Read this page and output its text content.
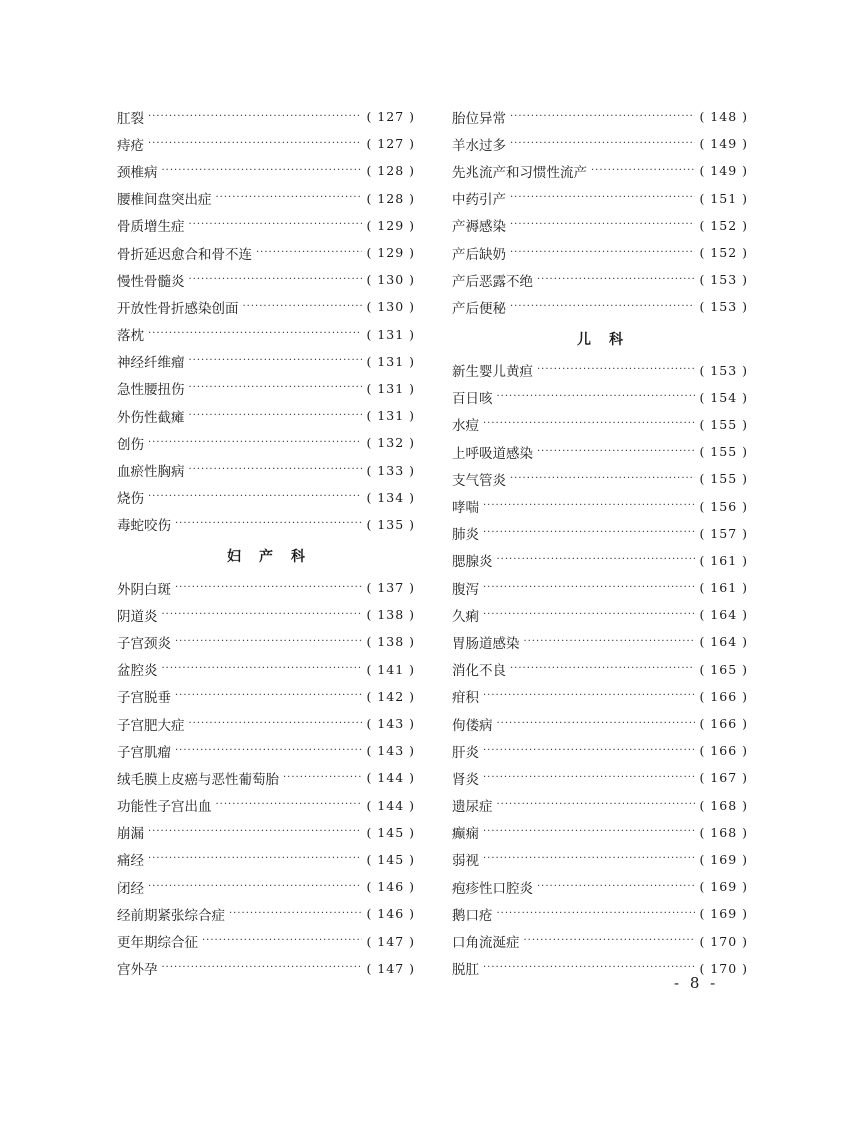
肛裂 ·····	( 127 )
痔疮 ·····	( 127 )
颈椎病 ·····	( 128 )
腰椎间盘突出症 ·····	( 128 )
骨质增生症 ·····	( 129 )
骨折延迟愈合和骨不连 ·····	( 129 )
慢性骨髓炎 ·····	( 130 )
开放性骨折感染创面 ·····	( 130 )
落枕 ·····	( 131 )
神经纤维瘤 ·····	( 131 )
急性腰扭伤 ·····	( 131 )
外伤性截瘫 ·····	( 131 )
创伤 ·····	( 132 )
血瘀性胸病 ·····	( 133 )
烧伤 ·····	( 134 )
毒蛇咬伤 ·····	( 135 )
妇产科
外阴白斑 ·····	( 137 )
阴道炎 ·····	( 138 )
子宫颈炎 ·····	( 138 )
盆腔炎 ·····	( 141 )
子宫脱垂 ·····	( 142 )
子宫肥大症 ·····	( 143 )
子宫肌瘤 ·····	( 143 )
绒毛膜上皮癌与恶性葡萄胎 ·····	( 144 )
功能性子宫出血 ·····	( 144 )
崩漏 ·····	( 145 )
痛经 ·····	( 145 )
闭经 ·····	( 146 )
经前期紧张综合症 ·····	( 146 )
更年期综合征 ·····	( 147 )
宫外孕 ·····	( 147 )
胎位异常 ·····	( 148 )
羊水过多 ·····	( 149 )
先兆流产和习惯性流产 ·····	( 149 )
中药引产 ·····	( 151 )
产褥感染 ·····	( 152 )
产后缺奶 ·····	( 152 )
产后恶露不绝 ·····	( 153 )
产后便秘 ·····	( 153 )
儿科
新生婴儿黄疸 ·····	( 153 )
百日咳 ·····	( 154 )
水痘 ·····	( 155 )
上呼吸道感染 ·····	( 155 )
支气管炎 ·····	( 155 )
哮喘 ·····	( 156 )
肺炎 ·····	( 157 )
腮腺炎 ·····	( 161 )
腹泻 ·····	( 161 )
久痢 ·····	( 164 )
胃肠道感染 ·····	( 164 )
消化不良 ·····	( 165 )
疳积 ·····	( 166 )
佝偻病 ·····	( 166 )
肝炎 ·····	( 166 )
肾炎 ·····	( 167 )
遗尿症 ·····	( 168 )
癫痫 ·····	( 168 )
弱视 ·····	( 169 )
疱疹性口腔炎 ·····	( 169 )
鹅口疮 ·····	( 169 )
口角流涎症 ·····	( 170 )
脱肛 ·····	( 170 )
- 8 -
